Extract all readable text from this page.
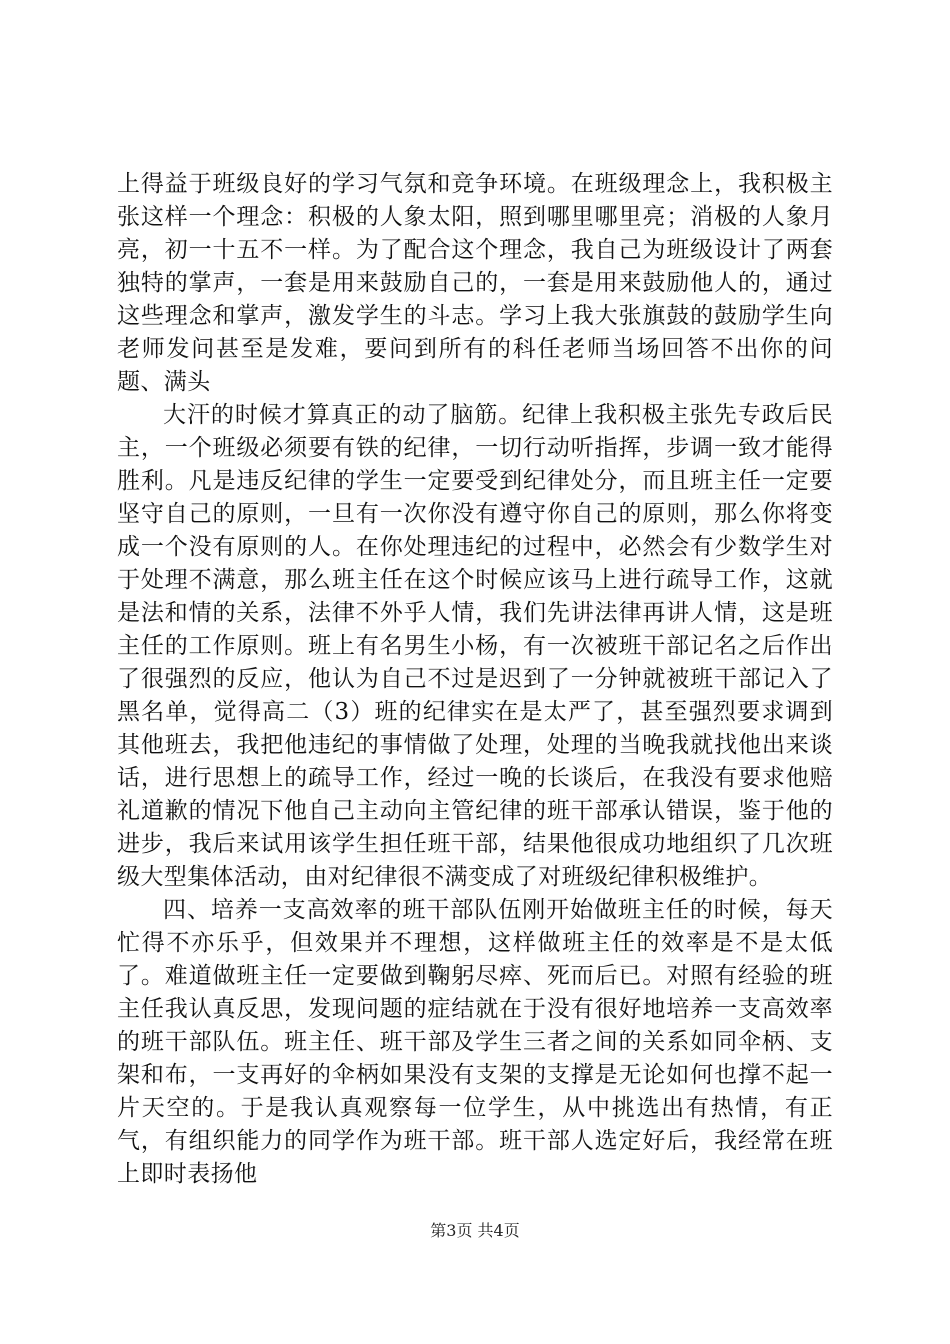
上得益于班级良好的学习气氛和竞争环境。在班级理念上，我积极主张这样一个理念：积极的人象太阳，照到哪里哪里亮；消极的人象月亮，初一十五不一样。为了配合这个理念，我自己为班级设计了两套独特的掌声，一套是用来鼓励自己的，一套是用来鼓励他人的，通过这些理念和掌声，激发学生的斗志。学习上我大张旗鼓的鼓励学生向老师发问甚至是发难，要问到所有的科任老师当场回答不出你的问题、满头

大汗的时候才算真正的动了脑筋。纪律上我积极主张先专政后民主，一个班级必须要有铁的纪律，一切行动听指挥，步调一致才能得胜利。凡是违反纪律的学生一定要受到纪律处分，而且班主任一定要坚守自己的原则，一旦有一次你没有遵守你自己的原则，那么你将变成一个没有原则的人。在你处理违纪的过程中，必然会有少数学生对于处理不满意，那么班主任在这个时候应该马上进行疏导工作，这就是法和情的关系，法律不外乎人情，我们先讲法律再讲人情，这是班主任的工作原则。班上有名男生小杨，有一次被班干部记名之后作出了很强烈的反应，他认为自己不过是迟到了一分钟就被班干部记入了黑名单，觉得高二（3）班的纪律实在是太严了，甚至强烈要求调到其他班去，我把他违纪的事情做了处理，处理的当晚我就找他出来谈话，进行思想上的疏导工作，经过一晚的长谈后，在我没有要求他赔礼道歉的情况下他自己主动向主管纪律的班干部承认错误，鉴于他的进步，我后来试用该学生担任班干部，结果他很成功地组织了几次班级大型集体活动，由对纪律很不满变成了对班级纪律积极维护。

四、培养一支高效率的班干部队伍刚开始做班主任的时候，每天忙得不亦乐乎，但效果并不理想，这样做班主任的效率是不是太低了。难道做班主任一定要做到鞠躬尽瘁、死而后已。对照有经验的班主任我认真反思，发现问题的症结就在于没有很好地培养一支高效率的班干部队伍。班主任、班干部及学生三者之间的关系如同伞柄、支架和布，一支再好的伞柄如果没有支架的支撑是无论如何也撑不起一片天空的。于是我认真观察每一位学生，从中挑选出有热情，有正气，有组织能力的同学作为班干部。班干部人选定好后，我经常在班上即时表扬他

第3页 共4页
